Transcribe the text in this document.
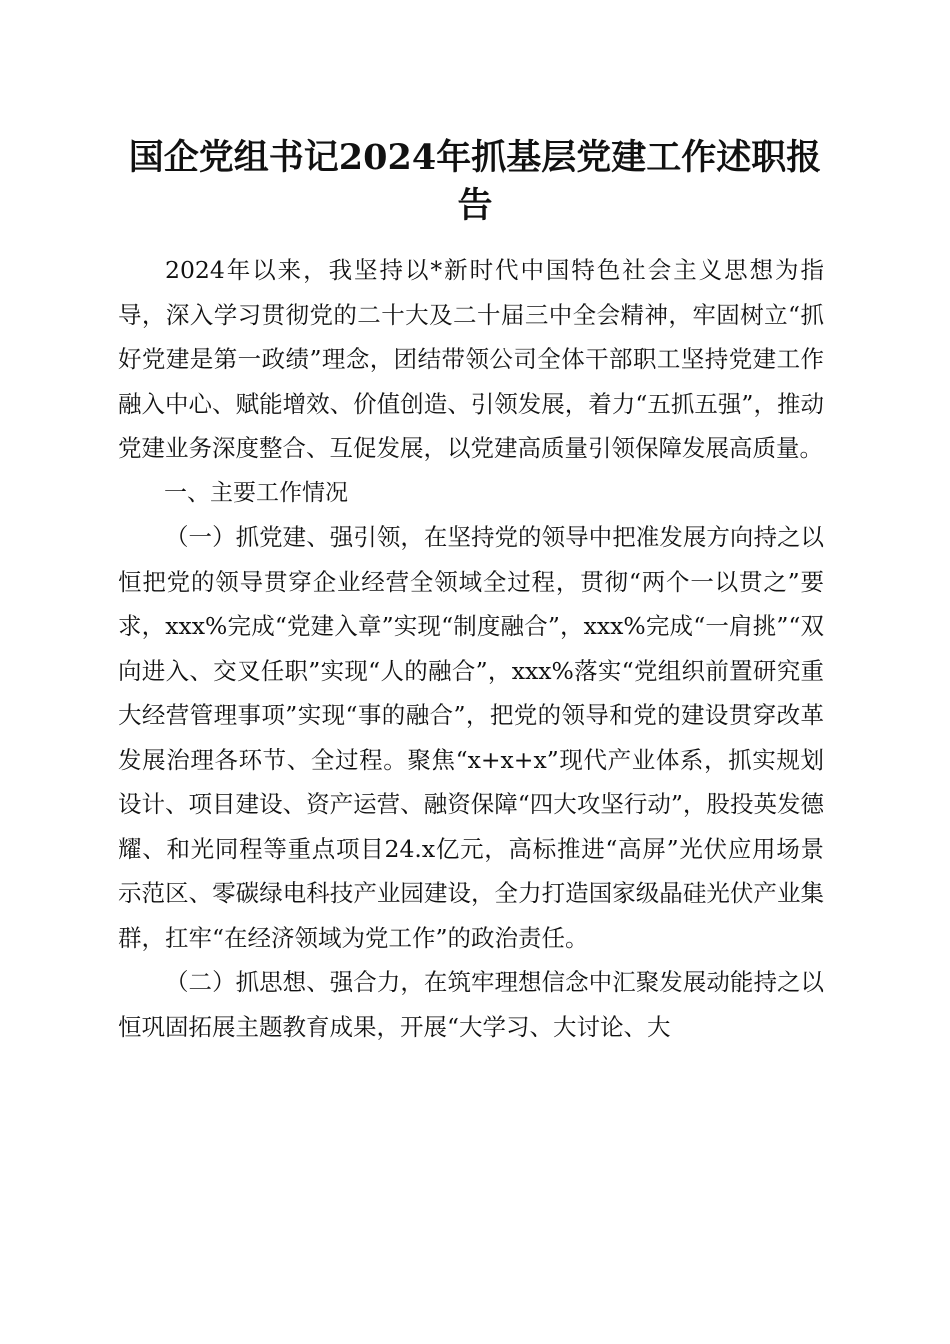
国企党组书记2024年抓基层党建工作述职报告

2024年以来，我坚持以*新时代中国特色社会主义思想为指导，深入学习贯彻党的二十大及二十届三中全会精神，牢固树立“抓好党建是第一政绩”理念，团结带领公司全体干部职工坚持党建工作融入中心、赋能增效、价值创造、引领发展，着力“五抓五强”，推动党建业务深度整合、互促发展，以党建高质量引领保障发展高质量。

一、主要工作情况

（一）抓党建、强引领，在坚持党的领导中把准发展方向持之以恒把党的领导贯穿企业经营全领域全过程，贯彻“两个一以贯之”要求，xxx%完成“党建入章”实现“制度融合”，xxx%完成“一肩挑”“双向进入、交叉任职”实现“人的融合”，xxx%落实“党组织前置研究重大经营管理事项”实现“事的融合”，把党的领导和党的建设贯穿改革发展治理各环节、全过程。聚焦“x+x+x”现代产业体系，抓实规划设计、项目建设、资产运营、融资保障“四大攻坚行动”，股投英发德耀、和光同程等重点项目24.x亿元，高标推进“高屏”光伏应用场景示范区、零碳绿电科技产业园建设，全力打造国家级晶硅光伏产业集群，扛牢“在经济领域为党工作”的政治责任。

（二）抓思想、强合力，在筑牢理想信念中汇聚发展动能持之以恒巩固拓展主题教育成果，开展“大学习、大讨论、大
